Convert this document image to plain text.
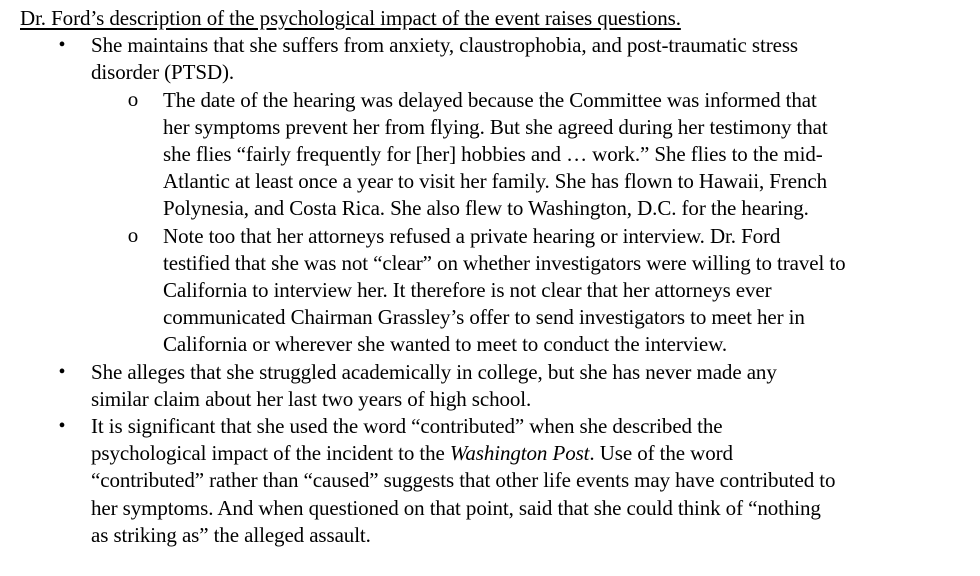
Dr. Ford’s description of the psychological impact of the event raises questions.
•	She maintains that she suffers from anxiety, claustrophobia, and post-traumatic stress
disorder (PTSD).
o The date of the hearing was delayed because the Committee was informed that
her symptoms prevent her from flying. But she agreed during her testimony that
she flies “fairly frequently for [her] hobbies and … work.” She flies to the mid-
Atlantic at least once a year to visit her family. She has flown to Hawaii, French
Polynesia, and Costa Rica. She also flew to Washington, D.C. for the hearing.
o Note too that her attorneys refused a private hearing or interview. Dr. Ford
testified that she was not “clear” on whether investigators were willing to travel to
California to interview her. It therefore is not clear that her attorneys ever
communicated Chairman Grassley’s offer to send investigators to meet her in
California or wherever she wanted to meet to conduct the interview.
•	She alleges that she struggled academically in college, but she has never made any
similar claim about her last two years of high school.
•	It is significant that she used the word “contributed” when she described the
psychological impact of the incident to the Washington Post. Use of the word
“contributed” rather than “caused” suggests that other life events may have contributed to
her symptoms. And when questioned on that point, said that she could think of “nothing
as striking as” the alleged assault.
